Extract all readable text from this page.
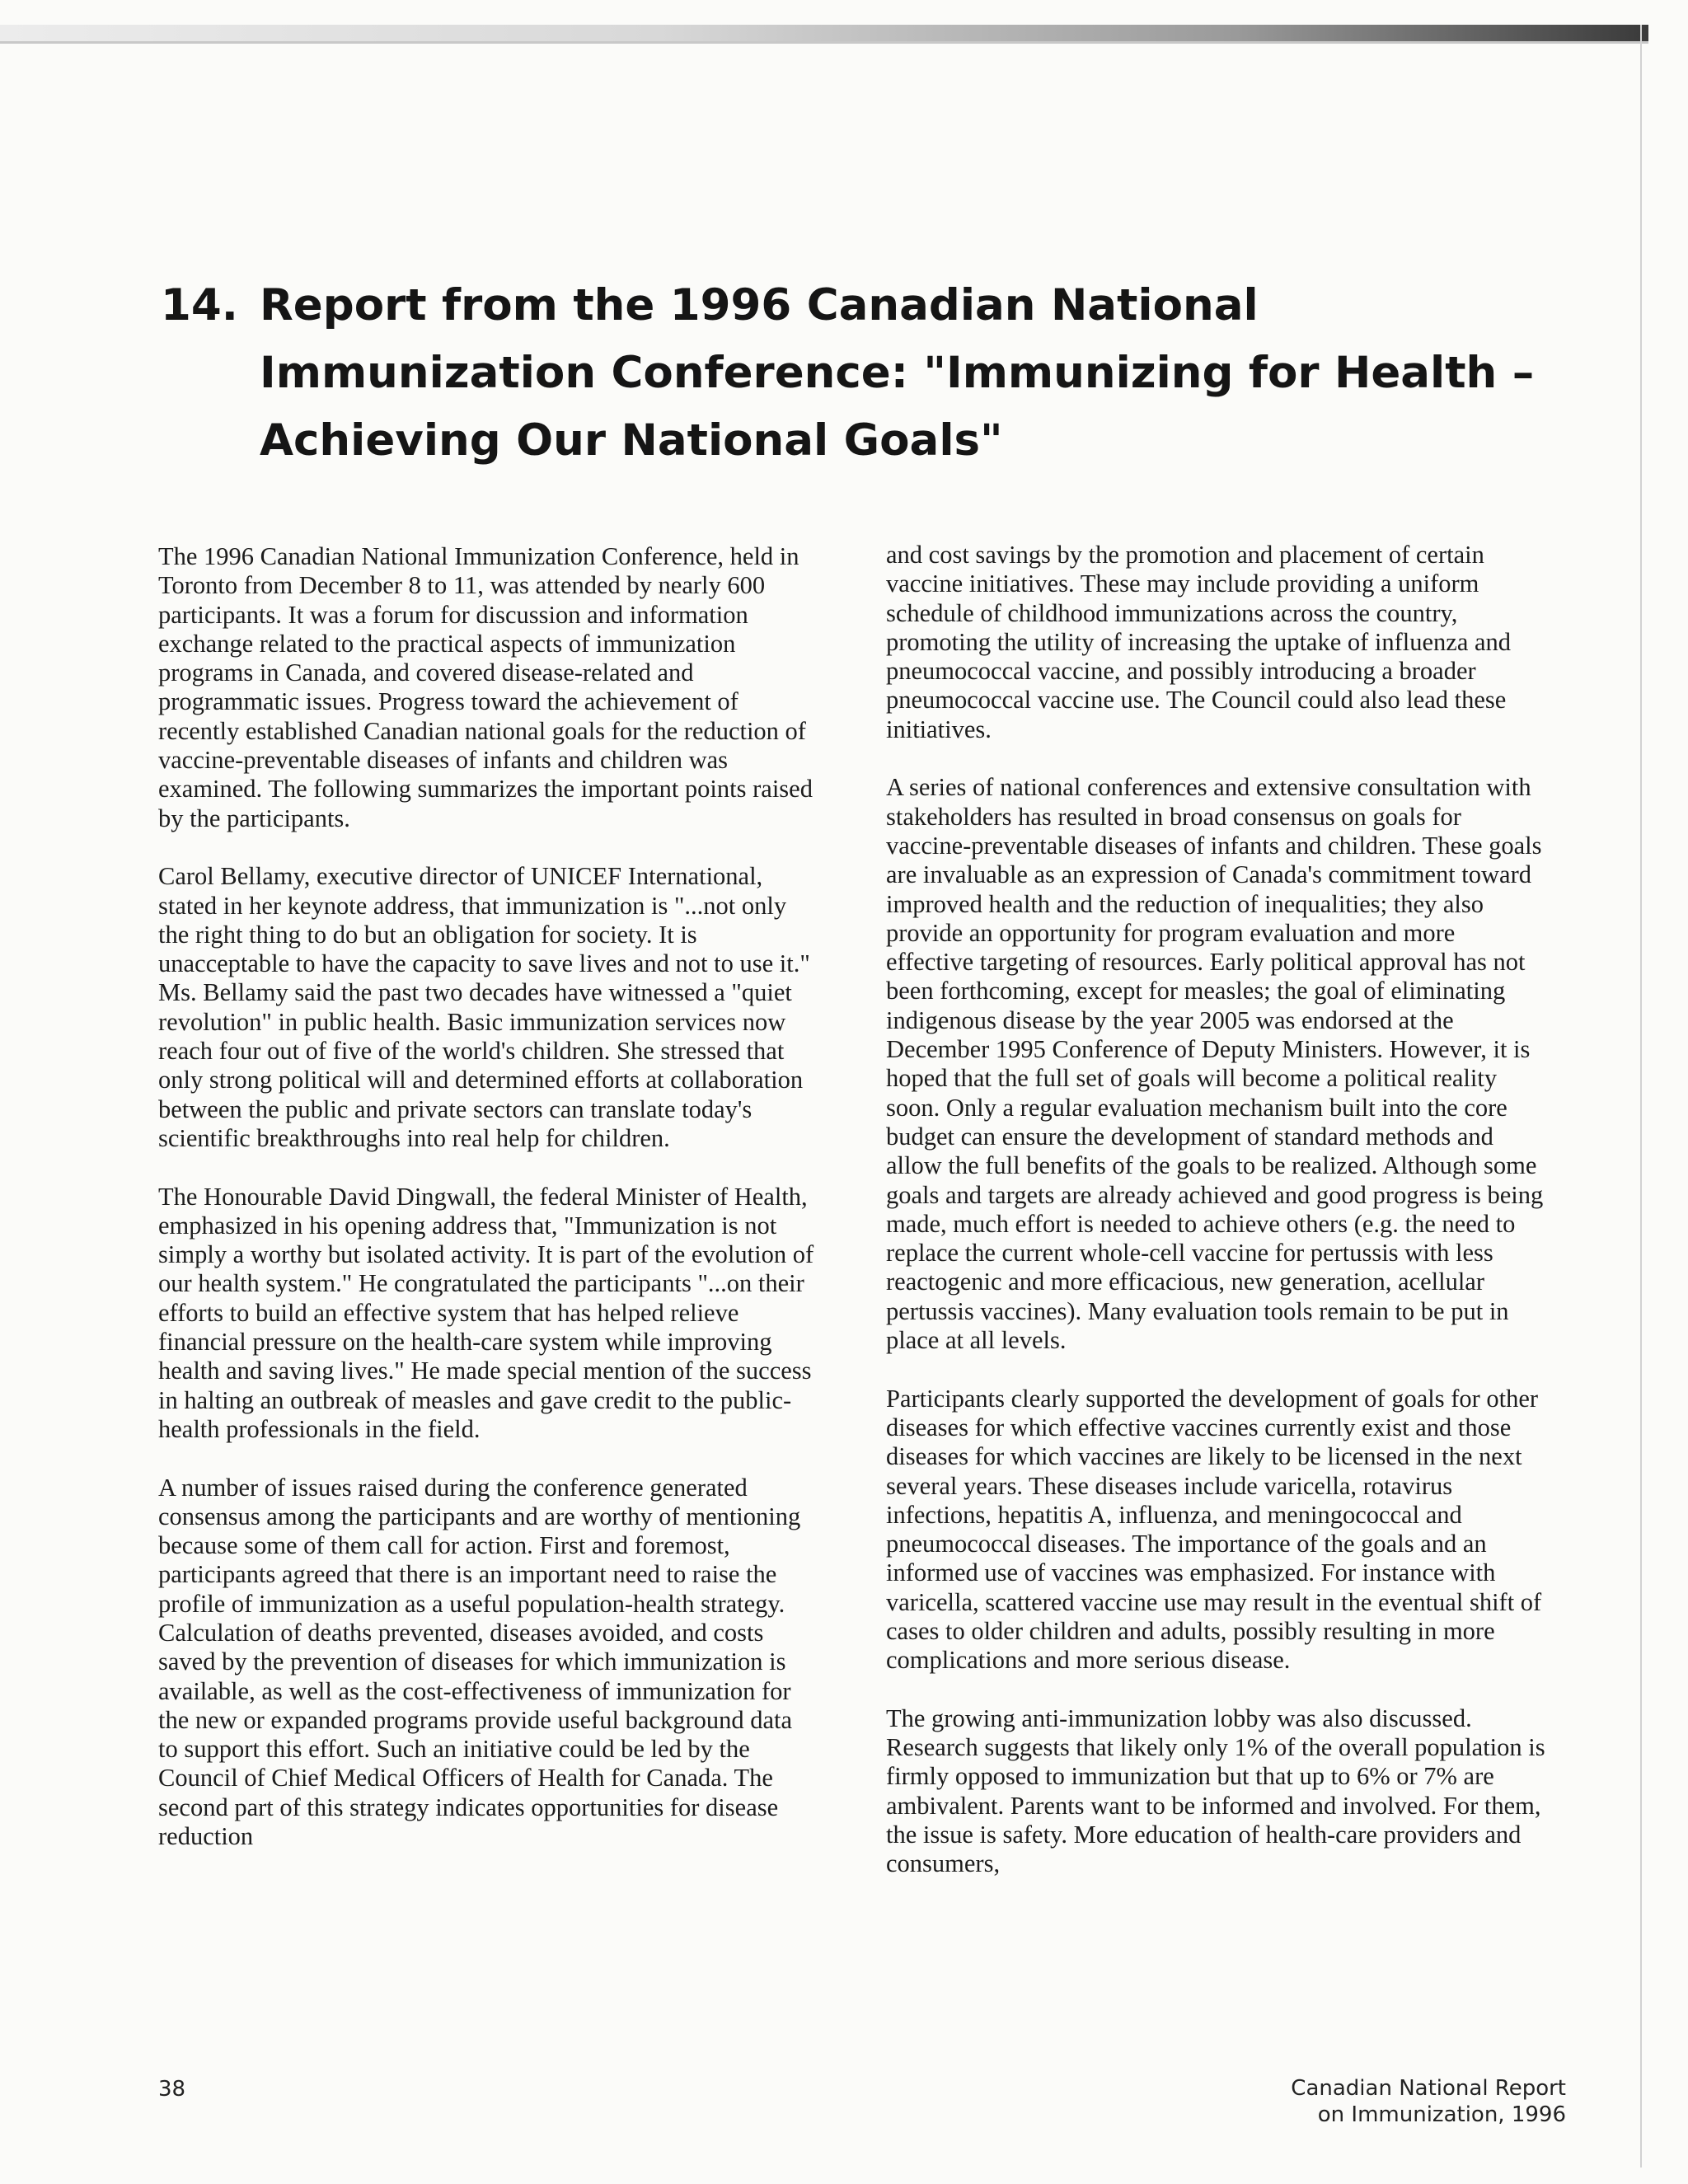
14. Report from the 1996 Canadian National
Immunization Conference: "Immunizing for Health –
Achieving Our National Goals"

The 1996 Canadian National Immunization Conference, held in Toronto from December 8 to 11, was attended by nearly 600 participants. It was a forum for discussion and information exchange related to the practical aspects of immunization programs in Canada, and covered disease-related and programmatic issues. Progress toward the achievement of recently established Canadian national goals for the reduction of vaccine-preventable diseases of infants and children was examined. The following summarizes the important points raised by the participants.

Carol Bellamy, executive director of UNICEF International, stated in her keynote address, that immunization is "...not only the right thing to do but an obligation for society. It is unacceptable to have the capacity to save lives and not to use it." Ms. Bellamy said the past two decades have witnessed a "quiet revolution" in public health. Basic immunization services now reach four out of five of the world's children. She stressed that only strong political will and determined efforts at collaboration between the public and private sectors can translate today's scientific breakthroughs into real help for children.

The Honourable David Dingwall, the federal Minister of Health, emphasized in his opening address that, "Immunization is not simply a worthy but isolated activity. It is part of the evolution of our health system." He congratulated the participants "...on their efforts to build an effective system that has helped relieve financial pressure on the health-care system while improving health and saving lives." He made special mention of the success in halting an outbreak of measles and gave credit to the public-health professionals in the field.

A number of issues raised during the conference generated consensus among the participants and are worthy of mentioning because some of them call for action. First and foremost, participants agreed that there is an important need to raise the profile of immunization as a useful population-health strategy. Calculation of deaths prevented, diseases avoided, and costs saved by the prevention of diseases for which immunization is available, as well as the cost-effectiveness of immunization for the new or expanded programs provide useful background data to support this effort. Such an initiative could be led by the Council of Chief Medical Officers of Health for Canada. The second part of this strategy indicates opportunities for disease reduction

and cost savings by the promotion and placement of certain vaccine initiatives. These may include providing a uniform schedule of childhood immunizations across the country, promoting the utility of increasing the uptake of influenza and pneumococcal vaccine, and possibly introducing a broader pneumococcal vaccine use. The Council could also lead these initiatives.

A series of national conferences and extensive consultation with stakeholders has resulted in broad consensus on goals for vaccine-preventable diseases of infants and children. These goals are invaluable as an expression of Canada's commitment toward improved health and the reduction of inequalities; they also provide an opportunity for program evaluation and more effective targeting of resources. Early political approval has not been forthcoming, except for measles; the goal of eliminating indigenous disease by the year 2005 was endorsed at the December 1995 Conference of Deputy Ministers. However, it is hoped that the full set of goals will become a political reality soon. Only a regular evaluation mechanism built into the core budget can ensure the development of standard methods and allow the full benefits of the goals to be realized. Although some goals and targets are already achieved and good progress is being made, much effort is needed to achieve others (e.g. the need to replace the current whole-cell vaccine for pertussis with less reactogenic and more efficacious, new generation, acellular pertussis vaccines). Many evaluation tools remain to be put in place at all levels.

Participants clearly supported the development of goals for other diseases for which effective vaccines currently exist and those diseases for which vaccines are likely to be licensed in the next several years. These diseases include varicella, rotavirus infections, hepatitis A, influenza, and meningococcal and pneumococcal diseases. The importance of the goals and an informed use of vaccines was emphasized. For instance with varicella, scattered vaccine use may result in the eventual shift of cases to older children and adults, possibly resulting in more complications and more serious disease.

The growing anti-immunization lobby was also discussed. Research suggests that likely only 1% of the overall population is firmly opposed to immunization but that up to 6% or 7% are ambivalent. Parents want to be informed and involved. For them, the issue is safety. More education of health-care providers and consumers,

38	Canadian National Report
on Immunization, 1996
